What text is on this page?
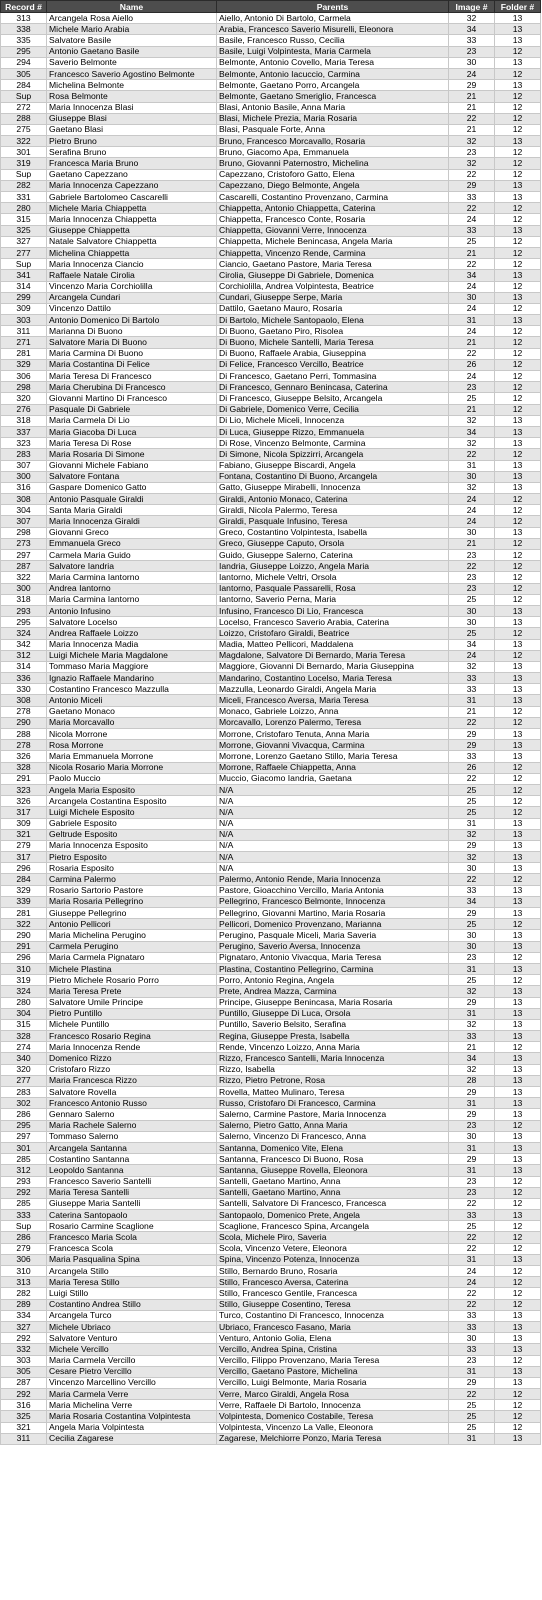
Record #	Name	Parents	Image #	Folder #
313	Arcangela Rosa Aiello	Aiello, Antonio Di Bartolo, Carmela	32	13
338	Michele Mario Arabia	Arabia, Francesco Saverio Misurelli, Eleonora	34	13
335	Salvatore Basile	Basile, Francesco Russo, Cecilia	33	13
295	Antonio Gaetano Basile	Basile, Luigi Volpintesta, Maria Carmela	23	12
294	Saverio Belmonte	Belmonte, Antonio Covello, Maria Teresa	30	13
305	Francesco Saverio Agostino Belmonte	Belmonte, Antonio Iacuccio, Carmina	24	12
284	Michelina Belmonte	Belmonte, Gaetano Porro, Arcangela	29	13
Sup	Rosa Belmonte	Belmonte, Gaetano Smeriglio, Francesca	21	12
272	Maria Innocenza Blasi	Blasi, Antonio Basile, Anna Maria	21	12
288	Giuseppe Blasi	Blasi, Michele Prezia, Maria Rosaria	22	12
275	Gaetano Blasi	Blasi, Pasquale Forte, Anna	21	12
322	Pietro Bruno	Bruno, Francesco Morcavallo, Rosaria	32	13
301	Serafina Bruno	Bruno, Giacomo Apa, Emmanuela	23	12
319	Francesca Maria Bruno	Bruno, Giovanni Paternostro, Michelina	32	12
Sup	Gaetano Capezzano	Capezzano, Cristoforo Gatto, Elena	22	12
282	Maria Innocenza Capezzano	Capezzano, Diego Belmonte, Angela	29	13
331	Gabriele Bartolomeo Cascarelli	Cascarelli, Costantino Provenzano, Carmina	33	13
280	Michele Maria Chiappetta	Chiappetta, Antonio Chiappetta, Caterina	22	12
315	Maria Innocenza Chiappetta	Chiappetta, Francesco Conte, Rosaria	24	12
325	Giuseppe Chiappetta	Chiappetta, Giovanni Verre, Innocenza	33	13
327	Natale Salvatore Chiappetta	Chiappetta, Michele Benincasa, Angela Maria	25	12
277	Michelina Chiappetta	Chiappetta, Vincenzo Rende, Carmina	21	12
Sup	Maria Innocenza Ciancio	Ciancio, Gaetano Pastore, Maria Teresa	22	12
341	Raffaele Natale Cirolia	Cirolia, Giuseppe Di Gabriele, Domenica	34	13
314	Vincenzo Maria Corchiolilla	Corchiolilla, Andrea Volpintesta, Beatrice	24	12
299	Arcangela Cundari	Cundari, Giuseppe Serpe, Maria	30	13
309	Vincenzo Dattilo	Dattilo, Gaetano Mauro, Rosaria	24	12
303	Antonio Domenico Di Bartolo	Di Bartolo, Michele Santopaolo, Elena	31	13
311	Marianna Di Buono	Di Buono, Gaetano Piro, Risolea	24	12
271	Salvatore Maria Di Buono	Di Buono, Michele Santelli, Maria Teresa	21	12
281	Maria Carmina Di Buono	Di Buono, Raffaele Arabia, Giuseppina	22	12
329	Maria Costantina Di Felice	Di Felice, Francesco Vercillo, Beatrice	26	12
306	Maria Teresa Di Francesco	Di Francesco, Gaetano Perri, Tommasina	24	12
298	Maria Cherubina Di Francesco	Di Francesco, Gennaro Benincasa, Caterina	23	12
320	Giovanni Martino Di Francesco	Di Francesco, Giuseppe Belsito, Arcangela	25	12
276	Pasquale Di Gabriele	Di Gabriele, Domenico Verre, Cecilia	21	12
318	Maria Carmela Di Lio	Di Lio, Michele Miceli, Innocenza	32	13
337	Maria Giacoba Di Luca	Di Luca, Giuseppe Rizzo, Emmanuela	34	13
323	Maria Teresa Di Rose	Di Rose, Vincenzo Belmonte, Carmina	32	13
283	Maria Rosaria Di Simone	Di Simone, Nicola Spizzirri, Arcangela	22	12
307	Giovanni Michele Fabiano	Fabiano, Giuseppe Biscardi, Angela	31	13
300	Salvatore Fontana	Fontana, Costantino Di Buono, Arcangela	30	13
316	Gaspare Domenico Gatto	Gatto, Giuseppe Mirabelli, Innocenza	32	13
308	Antonio Pasquale Giraldi	Giraldi, Antonio Monaco, Caterina	24	12
304	Santa Maria Giraldi	Giraldi, Nicola Palermo, Teresa	24	12
307	Maria Innocenza Giraldi	Giraldi, Pasquale Infusino, Teresa	24	12
298	Giovanni Greco	Greco, Costantino Volpintesta, Isabella	30	13
273	Emmanuela Greco	Greco, Giuseppe Caputo, Orsola	21	12
297	Carmela Maria Guido	Guido, Giuseppe Salerno, Caterina	23	12
287	Salvatore Iandria	Iandria, Giuseppe Loizzo, Angela Maria	22	12
322	Maria Carmina Iantorno	Iantorno, Michele Veltri, Orsola	23	12
300	Andrea Iantorno	Iantorno, Pasquale Passarelli, Rosa	23	12
318	Maria Carmina Iantorno	Iantorno, Saverio Perna, Maria	25	12
293	Antonio Infusino	Infusino, Francesco Di Lio, Francesca	30	13
295	Salvatore Locelso	Locelso, Francesco Saverio Arabia, Caterina	30	13
324	Andrea Raffaele Loizzo	Loizzo, Cristofaro Giraldi, Beatrice	25	12
342	Maria Innocenza Madia	Madia, Matteo Pellicori, Maddalena	34	13
312	Luigi Michele Maria Magdalone	Magdalone, Salvatore Di Bernardo, Maria Teresa	24	12
314	Tommaso Maria Maggiore	Maggiore, Giovanni Di Bernardo, Maria Giuseppina	32	13
336	Ignazio Raffaele Mandarino	Mandarino, Costantino Locelso, Maria Teresa	33	13
330	Costantino Francesco Mazzulla	Mazzulla, Leonardo Giraldi, Angela Maria	33	13
308	Antonio Miceli	Miceli, Francesco Aversa, Maria Teresa	31	13
278	Gaetano Monaco	Monaco, Gabriele Loizzo, Anna	21	12
290	Maria Morcavallo	Morcavallo, Lorenzo Palermo, Teresa	22	12
288	Nicola Morrone	Morrone, Cristofaro Tenuta, Anna Maria	29	13
278	Rosa Morrone	Morrone, Giovanni Vivacqua, Carmina	29	13
326	Maria Emmanuela Morrone	Morrone, Lorenzo Gaetano Stillo, Maria Teresa	33	13
328	Nicola Rosario Maria Morrone	Morrone, Raffaele Chiappetta, Anna	26	12
291	Paolo Muccio	Muccio, Giacomo Iandria, Gaetana	22	12
323	Angela Maria Esposito	N/A	25	12
326	Arcangela Costantina Esposito	N/A	25	12
317	Luigi Michele Esposito	N/A	25	12
309	Gabriele Esposito	N/A	31	13
321	Geltrude Esposito	N/A	32	13
279	Maria Innocenza Esposito	N/A	29	13
317	Pietro Esposito	N/A	32	13
296	Rosaria Esposito	N/A	30	13
284	Carmina Palermo	Palermo, Antonio Rende, Maria Innocenza	22	12
329	Rosario Sartorio Pastore	Pastore, Gioacchino Vercillo, Maria Antonia	33	13
339	Maria Rosaria Pellegrino	Pellegrino, Francesco Belmonte, Innocenza	34	13
281	Giuseppe Pellegrino	Pellegrino, Giovanni Martino, Maria Rosaria	29	13
322	Antonio Pellicori	Pellicori, Domenico Provenzano, Marianna	25	12
290	Maria Michelina Perugino	Perugino, Pasquale Miceli, Maria Saveria	30	13
291	Carmela Perugino	Perugino, Saverio Aversa, Innocenza	30	13
296	Maria Carmela Pignataro	Pignataro, Antonio Vivacqua, Maria Teresa	23	12
310	Michele Plastina	Plastina, Costantino Pellegrino, Carmina	31	13
319	Pietro Michele Rosario Porro	Porro, Antonio Regina, Angela	25	12
324	Maria Teresa Prete	Prete, Andrea Mazza, Carmina	32	13
280	Salvatore Umile Principe	Principe, Giuseppe Benincasa, Maria Rosaria	29	13
304	Pietro Puntillo	Puntillo, Giuseppe Di Luca, Orsola	31	13
315	Michele Puntillo	Puntillo, Saverio Belsito, Serafina	32	13
328	Francesco Rosario Regina	Regina, Giuseppe Presta, Isabella	33	13
274	Maria Innocenza Rende	Rende, Vincenzo Loizzo, Anna Maria	21	12
340	Domenico Rizzo	Rizzo, Francesco Santelli, Maria Innocenza	34	13
320	Cristofaro Rizzo	Rizzo, Isabella	32	13
277	Maria Francesca Rizzo	Rizzo, Pietro Petrone, Rosa	28	13
283	Salvatore Rovella	Rovella, Matteo Mulinaro, Teresa	29	13
302	Francesco Antonio Russo	Russo, Cristofaro Di Francesco, Carmina	31	13
286	Gennaro Salerno	Salerno, Carmine Pastore, Maria Innocenza	29	13
295	Maria Rachele Salerno	Salerno, Pietro Gatto, Anna Maria	23	12
297	Tommaso Salerno	Salerno, Vincenzo Di Francesco, Anna	30	13
301	Arcangela Santanna	Santanna, Domenico Vite, Elena	31	13
285	Costantino Santanna	Santanna, Francesco Di Buono, Rosa	29	13
312	Leopoldo Santanna	Santanna, Giuseppe Rovella, Eleonora	31	13
293	Francesco Saverio Santelli	Santelli, Gaetano Martino, Anna	23	12
292	Maria Teresa Santelli	Santelli, Gaetano Martino, Anna	23	12
285	Giuseppe Maria Santelli	Santelli, Salvatore Di Francesco, Francesca	22	12
333	Caterina Santopaolo	Santopaolo, Domenico Prete, Angela	33	13
Sup	Rosario Carmine Scaglione	Scaglione, Francesco Spina, Arcangela	25	12
286	Francesco Maria Scola	Scola, Michele Piro, Saveria	22	12
279	Francesca Scola	Scola, Vincenzo Vetere, Eleonora	22	12
306	Maria Pasqualina Spina	Spina, Vincenzo Potenza, Innocenza	31	13
310	Arcangela Stillo	Stillo, Bernardo Bruno, Rosaria	24	12
313	Maria Teresa Stillo	Stillo, Francesco Aversa, Caterina	24	12
282	Luigi Stillo	Stillo, Francesco Gentile, Francesca	22	12
289	Costantino Andrea Stillo	Stillo, Giuseppe Cosentino, Teresa	22	12
334	Arcangela Turco	Turco, Costantino Di Francesco, Innocenza	33	13
327	Michele Ubriaco	Ubriaco, Francesco Fasano, Maria	33	13
292	Salvatore Venturo	Venturo, Antonio Golia, Elena	30	13
332	Michele Vercillo	Vercillo, Andrea Spina, Cristina	33	13
303	Maria Carmela Vercillo	Vercillo, Filippo Provenzano, Maria Teresa	23	12
305	Cesare Pietro Vercillo	Vercillo, Gaetano Pastore, Michelina	31	13
287	Vincenzo Marcellino Vercillo	Vercillo, Luigi Belmonte, Maria Rosaria	29	13
292	Maria Carmela Verre	Verre, Marco Giraldi, Angela Rosa	22	12
316	Maria Michelina Verre	Verre, Raffaele Di Bartolo, Innocenza	25	12
325	Maria Rosaria Costantina Volpintesta	Volpintesta, Domenico Costabile, Teresa	25	12
321	Angela Maria Volpintesta	Volpintesta, Vincenzo La Valle, Eleonora	25	12
311	Cecilia Zagarese	Zagarese, Melchiorre Ponzo, Maria Teresa	31	13
